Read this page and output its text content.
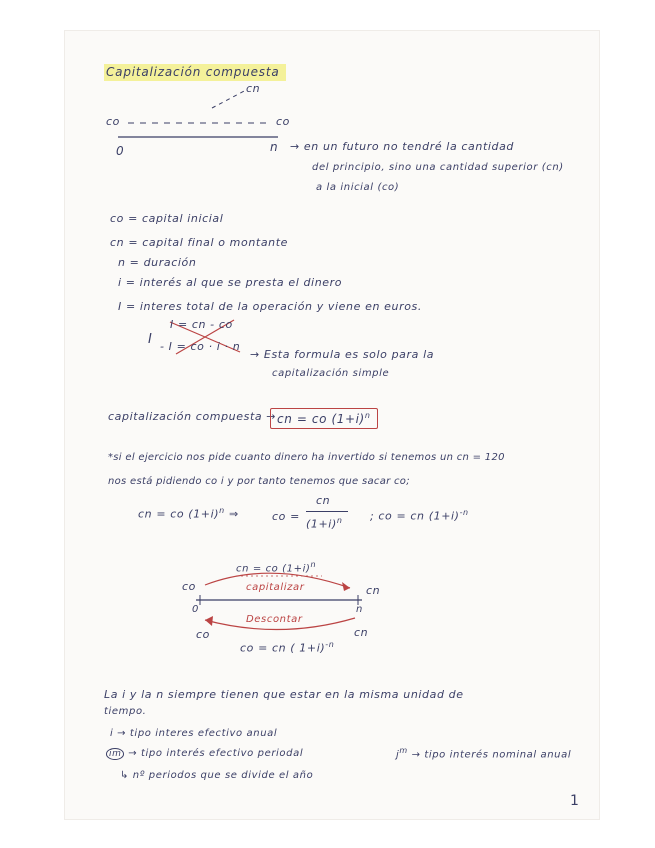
Capitalización compuesta
cn
co	co
0	n → en un futuro no tendré la cantidad
del principio, sino una cantidad superior (cn)
a la inicial (co)
co = capital inicial
cn = capital final o montante
n = duración
i = interés al que se presta el dinero
I = interes total de la operación y viene en euros.
I
I = cn - co
- I = co · i · n
→ Esta formula es solo para la
capitalización simple
capitalización compuesta → cn = co $(1+i)^n$
*si el ejercicio nos pide cuanto dinero ha invertido si tenemos un cn = 120
nos está pidiendo co i y por tanto tenemos que sacar co;
cn = co $(1+i)^n$ ⇒	co =
cn
$(1+i)^n$ ; co = cn $(1+i)^{-n}$
cn = co $(1+i)^n$
co	cn
capitalizar
0	n
Descontar
co	cn
co = cn ( 1+i)$^{-n}$
La i y la n siempre tienen que estar en la misma unidad de
tiempo.
i → tipo interes efectivo anual
im → tipo interés efectivo periodal
↳ nº periodos que se divide el año
$j^m$ → tipo interés nominal anual
1
